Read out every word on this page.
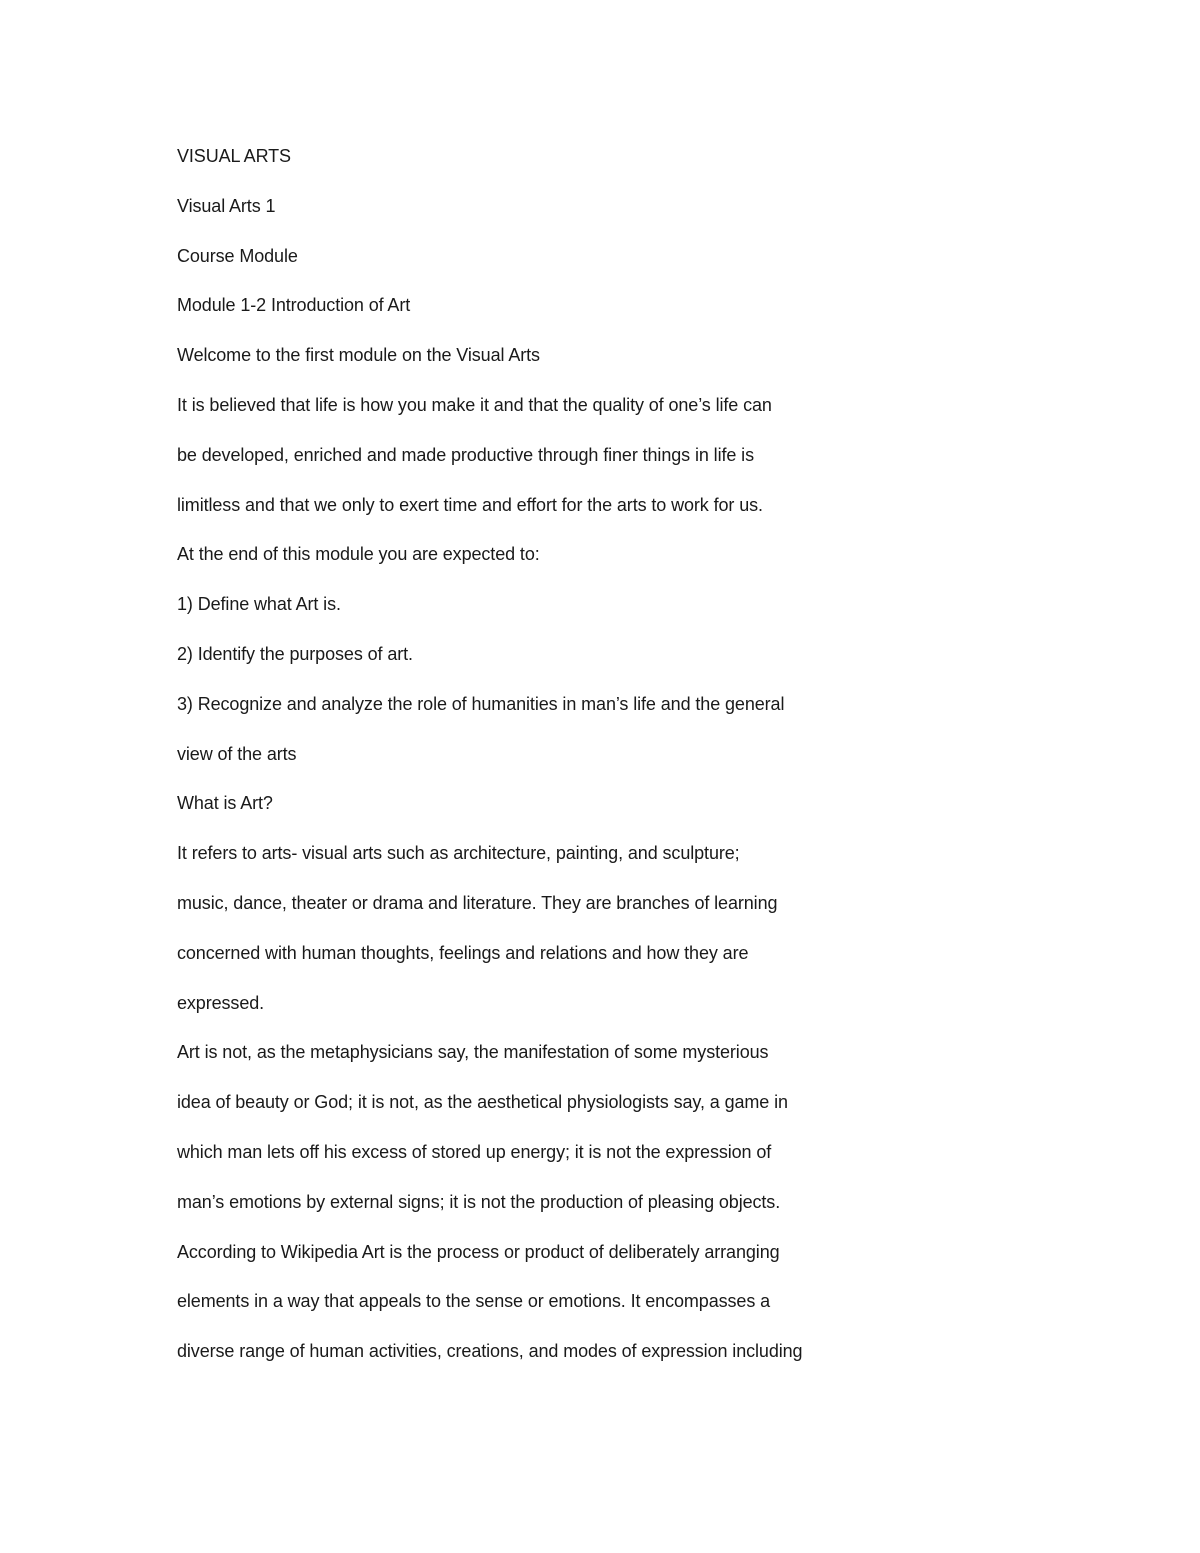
VISUAL ARTS

Visual Arts 1

Course Module

Module 1-2 Introduction of Art

Welcome to the first module on the Visual Arts

It is believed that life is how you make it and that the quality of one’s life can

be developed, enriched and made productive through finer things in life is

limitless and that we only to exert time and effort for the arts to work for us.

At the end of this module you are expected to:

1) Define what Art is.

2) Identify the purposes of art.

3) Recognize and analyze the role of humanities in man’s life and the general

view of the arts

What is Art?

It refers to arts- visual arts such as architecture, painting, and sculpture;

music, dance, theater or drama and literature. They are branches of learning

concerned with human thoughts, feelings and relations and how they are

expressed.

Art is not, as the metaphysicians say, the manifestation of some mysterious

idea of beauty or God; it is not, as the aesthetical physiologists say, a game in

which man lets off his excess of stored up energy; it is not the expression of

man’s emotions by external signs; it is not the production of pleasing objects.

According to Wikipedia Art is the process or product of deliberately arranging

elements in a way that appeals to the sense or emotions. It encompasses a

diverse range of human activities, creations, and modes of expression including
